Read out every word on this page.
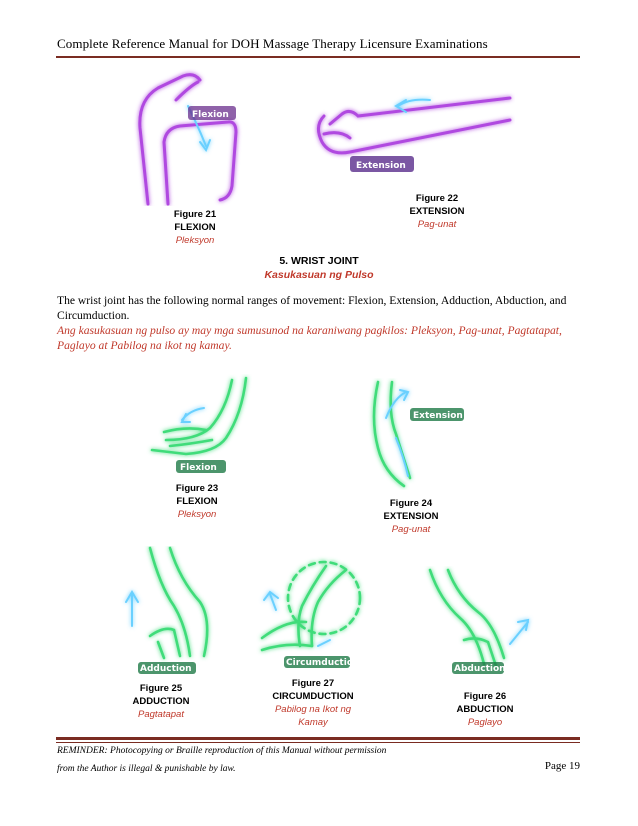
Complete Reference Manual for DOH Massage Therapy Licensure Examinations
Flexion
Extension
Figure 21
FLEXION
Pleksyon
Figure 22
EXTENSION
Pag-unat
5. WRIST JOINT
Kasukasuan ng Pulso
The wrist joint has the following normal ranges of movement: Flexion, Extension, Adduction, Abduction, and Circumduction.
Ang kasukasuan ng pulso ay may mga sumusunod na karaniwang pagkilos: Pleksyon, Pag-unat, Pagtatapat, Paglayo at Pabilog na ikot ng kamay.
Flexion
Extension
Figure 23
FLEXION
Pleksyon
Figure 24
EXTENSION
Pag-unat
Adduction
Circumduction
Abduction
Figure 25
ADDUCTION
Pagtatapat
Figure 27
CIRCUMDUCTION
Pabilog na Ikot ng Kamay
Figure 26
ABDUCTION
Paglayo
REMINDER: Photocopying or Braille reproduction of this Manual without permission
from the Author is illegal & punishable by law.	Page 19
